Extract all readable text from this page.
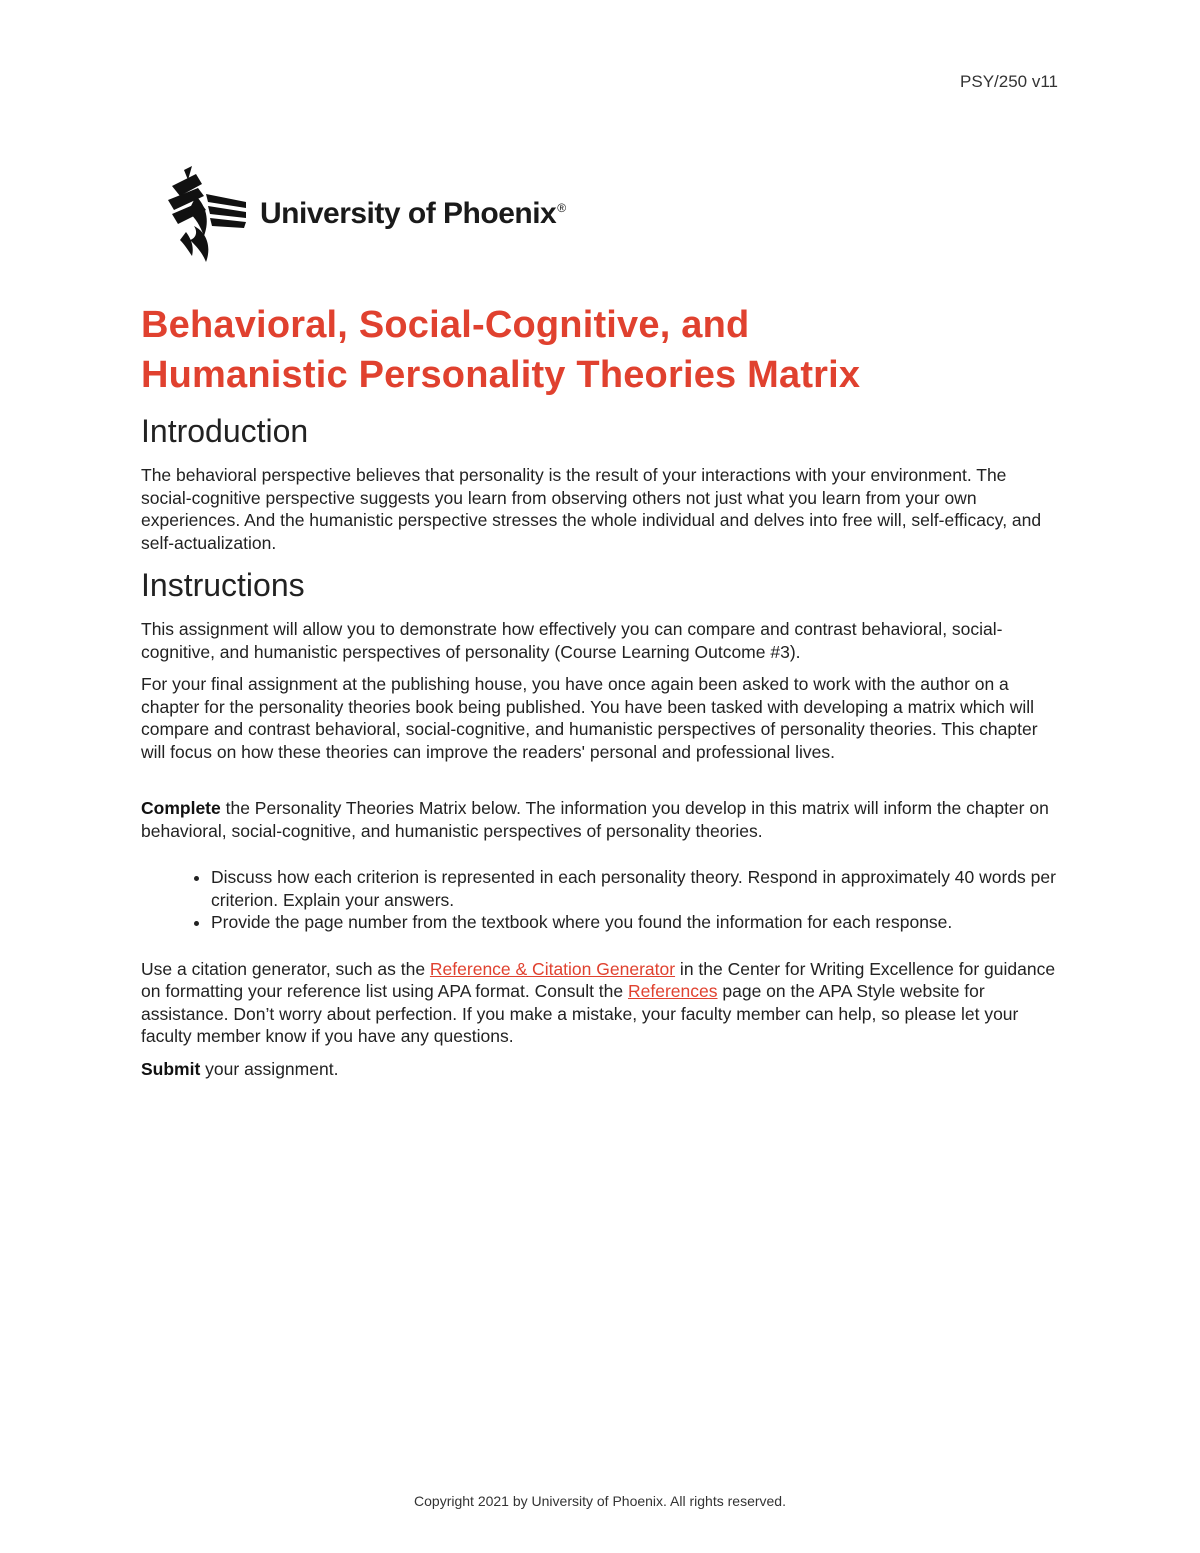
PSY/250 v11
University of Phoenix®
Behavioral, Social-Cognitive, and
Humanistic Personality Theories Matrix
Introduction

The behavioral perspective believes that personality is the result of your interactions with your environment. The social-cognitive perspective suggests you learn from observing others not just what you learn from your own experiences. And the humanistic perspective stresses the whole individual and delves into free will, self-efficacy, and self-actualization.

Instructions

This assignment will allow you to demonstrate how effectively you can compare and contrast behavioral, social-cognitive, and humanistic perspectives of personality (Course Learning Outcome #3).

For your final assignment at the publishing house, you have once again been asked to work with the author on a chapter for the personality theories book being published. You have been tasked with developing a matrix which will compare and contrast behavioral, social-cognitive, and humanistic perspectives of personality theories. This chapter will focus on how these theories can improve the readers' personal and professional lives.

Complete the Personality Theories Matrix below. The information you develop in this matrix will inform the chapter on behavioral, social-cognitive, and humanistic perspectives of personality theories.

• Discuss how each criterion is represented in each personality theory. Respond in approximately 40 words per criterion. Explain your answers.
• Provide the page number from the textbook where you found the information for each response.

Use a citation generator, such as the Reference & Citation Generator in the Center for Writing Excellence for guidance on formatting your reference list using APA format. Consult the References page on the APA Style website for assistance. Don’t worry about perfection. If you make a mistake, your faculty member can help, so please let your faculty member know if you have any questions.

Submit your assignment.

Copyright 2021 by University of Phoenix. All rights reserved.
